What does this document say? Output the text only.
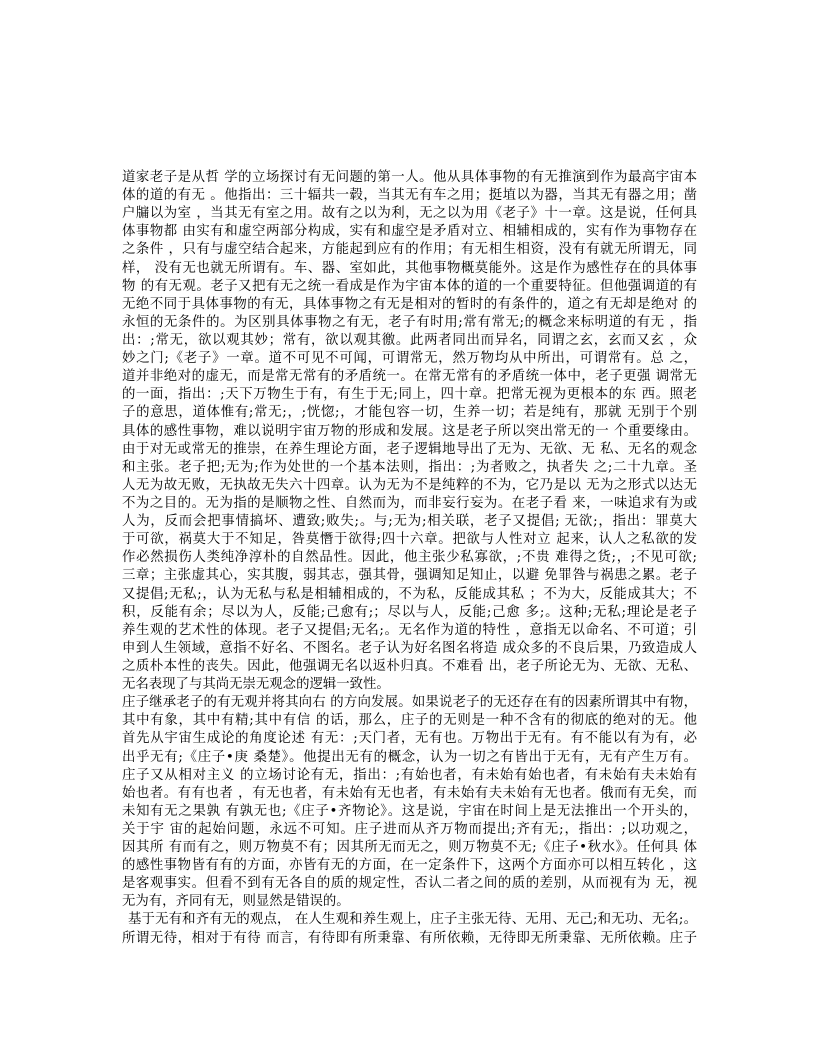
道家老子是从哲 学的立场探讨有无问题的第一人。他从具体事物的有无推演到作为最高宇宙本
体的道的有无 。他指出：三十辐共一毂，当其无有车之用；挺埴以为器，当其无有器之用；凿
户牖以为室 ，当其无有室之用。故有之以为利，无之以为用《老子》十一章。这是说，任何具
体事物都 由实有和虚空两部分构成，实有和虚空是矛盾对立、相辅相成的，实有作为事物存在
之条件 ，只有与虚空结合起来，方能起到应有的作用；有无相生相资，没有有就无所谓无，同
样， 没有无也就无所谓有。车、器、室如此，其他事物概莫能外。这是作为感性存在的具体事
物 的有无观。老子又把有无之统一看成是作为宇宙本体的道的一个重要特征。但他强调道的有
无绝不同于具体事物的有无，具体事物之有无是相对的暂时的有条件的，道之有无却是绝对 的
永恒的无条件的。为区别具体事物之有无，老子有时用;常有常无;的概念来标明道的有无 ，指
出：;常无，欲以观其妙；常有，欲以观其徼。此两者同出而异名，同谓之玄，玄而又玄 ，众
妙之门;《老子》一章。道不可见不可闻，可谓常无，然万物均从中所出，可谓常有。总 之，
道并非绝对的虚无，而是常无常有的矛盾统一。在常无常有的矛盾统一体中，老子更强 调常无
的一面，指出：;天下万物生于有，有生于无;同上，四十章。把常无视为更根本的东 西。照老
子的意思，道体惟有;常无;，;恍惚;，才能包容一切，生养一切；若是纯有，那就 无别于个别
具体的感性事物，难以说明宇宙万物的形成和发展。这是老子所以突出常无的一 个重要缘由。
由于对无或常无的推崇，在养生理论方面，老子逻辑地导出了无为、无欲、无 私、无名的观念
和主张。老子把;无为;作为处世的一个基本法则，指出：;为者败之，执者失 之;二十九章。圣
人无为故无败，无执故无失六十四章。认为无为不是纯粹的不为，它乃是以 无为之形式以达无
不为之目的。无为指的是顺物之性、自然而为，而非妄行妄为。在老子看 来，一味追求有为或
人为，反而会把事情搞坏、遭致;败失;。与;无为;相关联，老子又提倡; 无欲;，指出：罪莫大
于可欲，祸莫大于不知足，咎莫憯于欲得;四十六章。把欲与人性对立 起来，认人之私欲的发
作必然损伤人类纯净淳朴的自然品性。因此，他主张少私寡欲，;不贵 难得之货;，;不见可欲;
三章；主张虚其心，实其腹，弱其志，强其骨，强调知足知止，以避 免罪咎与祸患之累。老子
又提倡;无私;，认为无私与私是相辅相成的，不为私，反能成其私 ；不为大，反能成其大；不
积，反能有余；尽以为人，反能;己愈有;；尽以与人，反能;己愈 多;。这种;无私;理论是老子
养生观的艺术性的体现。老子又提倡;无名;。无名作为道的特性 ，意指无以命名、不可道；引
申到人生领域，意指不好名、不图名。老子认为好名图名将造 成众多的不良后果，乃致造成人
之质朴本性的丧失。因此，他强调无名以返朴归真。不难看 出，老子所论无为、无欲、无私、
无名表现了与其尚无崇无观念的逻辑一致性。
庄子继承老子的有无观并将其向右 的方向发展。如果说老子的无还存在有的因素所谓其中有物，
其中有象，其中有精;其中有信 的话，那么，庄子的无则是一种不含有的彻底的绝对的无。他
首先从宇宙生成论的角度论述 有无：;天门者，无有也。万物出于无有。有不能以有为有，必
出乎无有;《庄子•庚 桑楚》。他提出无有的概念，认为一切之有皆出于无有，无有产生万有。
庄子又从相对主义 的立场讨论有无，指出：;有始也者，有未始有始也者，有未始有夫未始有
始也者。有有也者 ，有无也者，有未始有无也者，有未始有夫未始有无也者。俄而有无矣，而
未知有无之果孰 有孰无也;《庄子•齐物论》。这是说，宇宙在时间上是无法推出一个开头的，
关于宇 宙的起始问题，永远不可知。庄子进而从齐万物而提出;齐有无;，指出：;以功观之，
因其所 有而有之，则万物莫不有；因其所无而无之，则万物莫不无;《庄子•秋水》。任何具 体
的感性事物皆有有的方面，亦皆有无的方面，在一定条件下，这两个方面亦可以相互转化 ，这
是客观事实。但看不到有无各自的质的规定性，否认二者之间的质的差别，从而视有为 无，视
无为有，齐同有无，则显然是错误的。
基于无有和齐有无的观点， 在人生观和养生观上，庄子主张无待、无用、无己;和无功、无名;。
所谓无待，相对于有待 而言，有待即有所秉靠、有所依赖，无待即无所秉靠、无所依赖。庄子
